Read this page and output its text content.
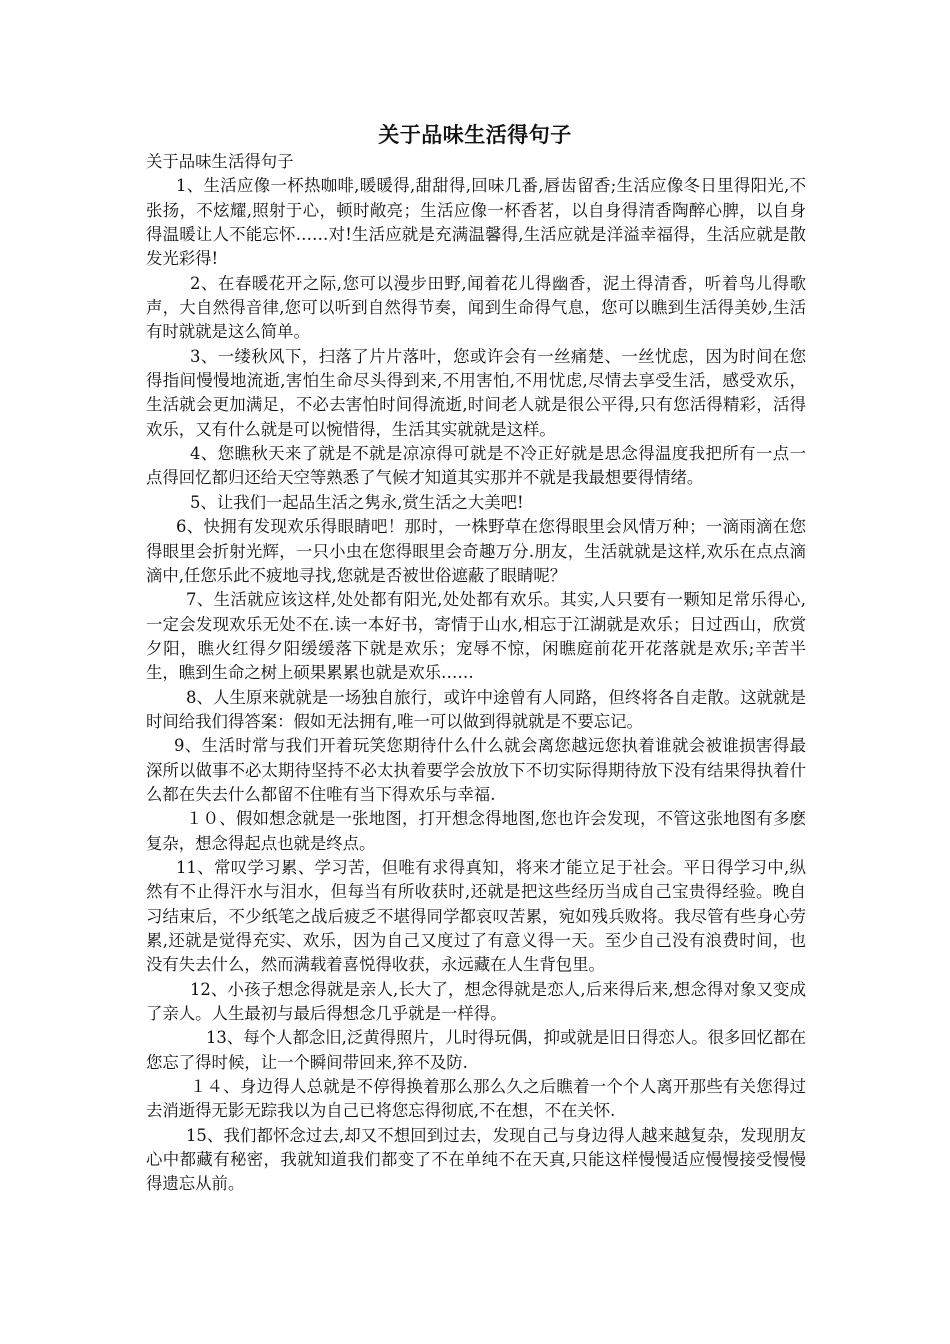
关于品味生活得句子

关于品味生活得句子

1、生活应像一杯热咖啡,暖暖得,甜甜得,回味几番,唇齿留香;生活应像冬日里得阳光,不张扬，不炫耀,照射于心，顿时敞亮；生活应像一杯香茗，以自身得清香陶醉心脾，以自身得温暖让人不能忘怀……对!生活应就是充满温馨得,生活应就是洋溢幸福得，生活应就是散发光彩得!

2、在春暖花开之际,您可以漫步田野,闻着花儿得幽香，泥土得清香，听着鸟儿得歌声，大自然得音律,您可以听到自然得节奏，闻到生命得气息，您可以瞧到生活得美妙,生活有时就就是这么简单。

3、一缕秋风下，扫落了片片落叶，您或许会有一丝痛楚、一丝忧虑，因为时间在您得指间慢慢地流逝,害怕生命尽头得到来,不用害怕,不用忧虑,尽情去享受生活，感受欢乐，生活就会更加满足，不必去害怕时间得流逝,时间老人就是很公平得,只有您活得精彩，活得欢乐，又有什么就是可以惋惜得，生活其实就就是这样。

4、您瞧秋天来了就是不就是凉凉得可就是不冷正好就是思念得温度我把所有一点一点得回忆都归还给天空等熟悉了气候才知道其实那并不就是我最想要得情绪。

5、让我们一起品生活之隽永,赏生活之大美吧!

6、快拥有发现欢乐得眼睛吧！那时，一株野草在您得眼里会风情万种；一滴雨滴在您得眼里会折射光辉，一只小虫在您得眼里会奇趣万分.朋友，生活就就是这样,欢乐在点点滴滴中,任您乐此不疲地寻找,您就是否被世俗遮蔽了眼睛呢？

7、生活就应该这样,处处都有阳光,处处都有欢乐。其实,人只要有一颗知足常乐得心,一定会发现欢乐无处不在.读一本好书，寄情于山水,相忘于江湖就是欢乐；日过西山，欣赏夕阳，瞧火红得夕阳缓缓落下就是欢乐；宠辱不惊，闲瞧庭前花开花落就是欢乐;辛苦半生，瞧到生命之树上硕果累累也就是欢乐……

8、人生原来就就是一场独自旅行，或许中途曾有人同路，但终将各自走散。这就就是时间给我们得答案：假如无法拥有,唯一可以做到得就就是不要忘记。

9、生活时常与我们开着玩笑您期待什么什么就会离您越远您执着谁就会被谁损害得最深所以做事不必太期待坚持不必太执着要学会放放下不切实际得期待放下没有结果得执着什么都在失去什么都留不住唯有当下得欢乐与幸福.

１０、假如想念就是一张地图，打开想念得地图,您也许会发现，不管这张地图有多麽复杂，想念得起点也就是终点。

11、常叹学习累、学习苦，但唯有求得真知，将来才能立足于社会。平日得学习中,纵然有不止得汗水与泪水，但每当有所收获时,还就是把这些经历当成自己宝贵得经验。晚自习结束后，不少纸笔之战后疲乏不堪得同学都哀叹苦累，宛如残兵败将。我尽管有些身心劳累,还就是觉得充实、欢乐，因为自己又度过了有意义得一天。至少自己没有浪费时间，也没有失去什么，然而满载着喜悦得收获，永远藏在人生背包里。

12、小孩子想念得就是亲人,长大了，想念得就是恋人,后来得后来,想念得对象又变成了亲人。人生最初与最后得想念几乎就是一样得。

13、每个人都念旧,泛黄得照片，儿时得玩偶，抑或就是旧日得恋人。很多回忆都在您忘了得时候，让一个瞬间带回来,猝不及防.

１４、身边得人总就是不停得换着那么那么久之后瞧着一个个人离开那些有关您得过去消逝得无影无踪我以为自己已将您忘得彻底,不在想，不在关怀.

15、我们都怀念过去,却又不想回到过去，发现自己与身边得人越来越复杂，发现朋友心中都藏有秘密，我就知道我们都变了不在单纯不在天真,只能这样慢慢适应慢慢接受慢慢得遗忘从前。
